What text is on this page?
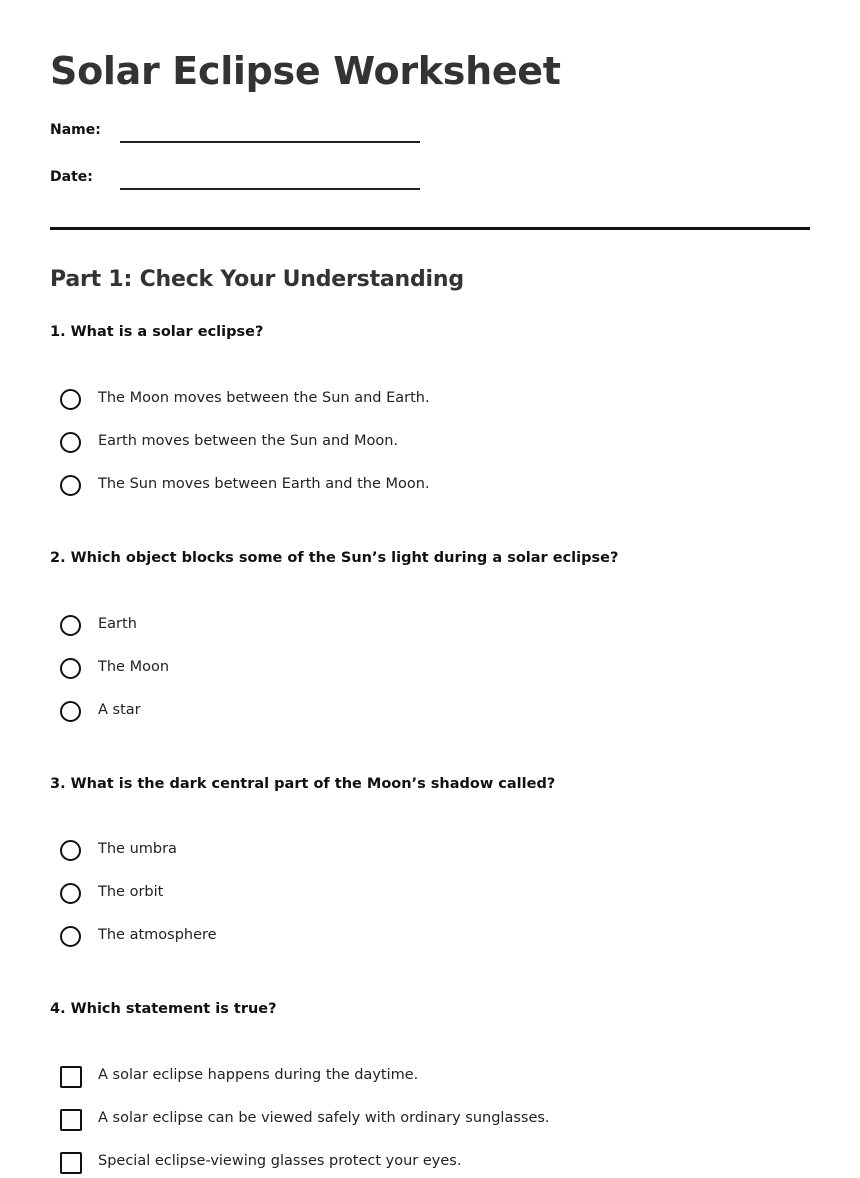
Solar Eclipse Worksheet
Name:
Date:
Part 1: Check Your Understanding

1. What is a solar eclipse?

The Moon moves between the Sun and Earth.
Earth moves between the Sun and Moon.
The Sun moves between Earth and the Moon.

2. Which object blocks some of the Sun’s light during a solar eclipse?

Earth
The Moon
A star

3. What is the dark central part of the Moon’s shadow called?

The umbra
The orbit
The atmosphere

4. Which statement is true?

A solar eclipse happens during the daytime.
A solar eclipse can be viewed safely with ordinary sunglasses.
Special eclipse-viewing glasses protect your eyes.
